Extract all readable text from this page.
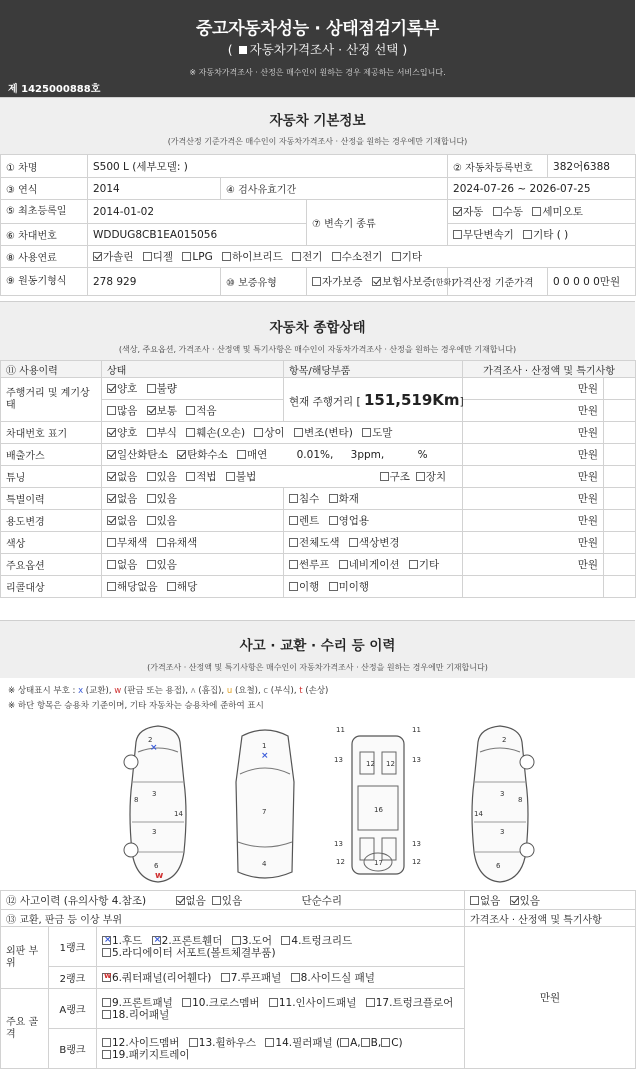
중고자동차성능 · 상태점검기록부
( 자동차가격조사 · 산정 선택 )
※ 자동차가격조사 · 산정은 매수인이 원하는 경우 제공하는 서비스입니다.
제 1425000888호
자동차 기본정보
(가격산정 기준가격은 매수인이 자동차가격조사 · 산정을 원하는 경우에만 기재합니다)
① 차명	S500 L (세부모델: )			② 자동차등록번호	382어6388
③ 연식	2014	④ 검사유효기간		2024-07-26 ~ 2026-07-25	
⑤ 최초등록일	2014-01-02		⑦ 변속기 종류	자동 수동 세미오토	
⑥ 차대번호	WDDUG8CB1EA015056			무단변속기 기타 ( )	
⑧ 사용연료	가솔린 디젤 LPG 하이브리드 전기 수소전기 기타				
⑨ 원동기형식	278 929	⑩ 보증유형	자가보증 보험사보증[한화]	가격산정 기준가격	0 0 0 0 0만원
자동차 종합상태
(색상, 주요옵션, 가격조사 · 산정액 및 특기사항은 매수인이 자동차가격조사 · 산정을 원하는 경우에만 기재합니다)
⑪ 사용이력	상태	항목/해당부품	가격조사 · 산정액 및 특기사항	
주행거리 및 계기상태	양호 불량	현재 주행거리 [ 151,519Km]	만원	
	많음 보통 적음		만원	
차대번호 표기	양호 부식 훼손(오손) 상이 변조(변타) 도말		만원	
배출가스	일산화탄소 탄화수소 매연 0.01%, 3ppm, %		만원	
튜닝	없음 있음 적법 불법 구조 장치		만원	
특별이력	없음 있음	침수 화재	만원	
용도변경	없음 있음	렌트 영업용	만원	
색상	무채색 유채색	전체도색 색상변경	만원	
주요옵션	없음 있음	썬루프 네비게이션 기타	만원	
리콜대상	해당없음 해당	이행 미이행		
사고 · 교환 · 수리 등 이력
(가격조사 · 산정액 및 특기사항은 매수인이 자동차가격조사 · 산정을 원하는 경우에만 기재합니다)
※ 상태표시 부호 : x (교환), w (판금 또는 용접), ʌ (흠집), u (요철), c (부식), t (손상)
※ 하단 항목은 승용차 기준이며, 기타 자동차는 승용차에 준하여 표시
2
×
3
3
14
8
6
w
1
×
7
4
11	11
13	13
12 12
16
13	13
12	12
17
2
3
3
14
8
6
⑫ 사고이력 (유의사항 4.참조) 없음 있음 단순수리			없음 있음
⑬ 교환, 판금 등 이상 부위			가격조사 · 산정액 및 특기사항
외판 부위	1랭크	×1.후드 × 2.프론트휀더 3.도어 4.트렁크리드
5.라디에이터 서포트(볼트체결부품)	만원
	2랭크	w6.쿼터패널(리어휀다) 7.루프패널 8.사이드실 패널
주요 골격	A랭크	9.프론트패널 10.크로스멤버 11.인사이드패널 17.트렁크플로어
18.리어패널	
	B랭크	12.사이드멤버 13.휠하우스 14.필러패널 ( A, B, C)
19.패키지트레이	
